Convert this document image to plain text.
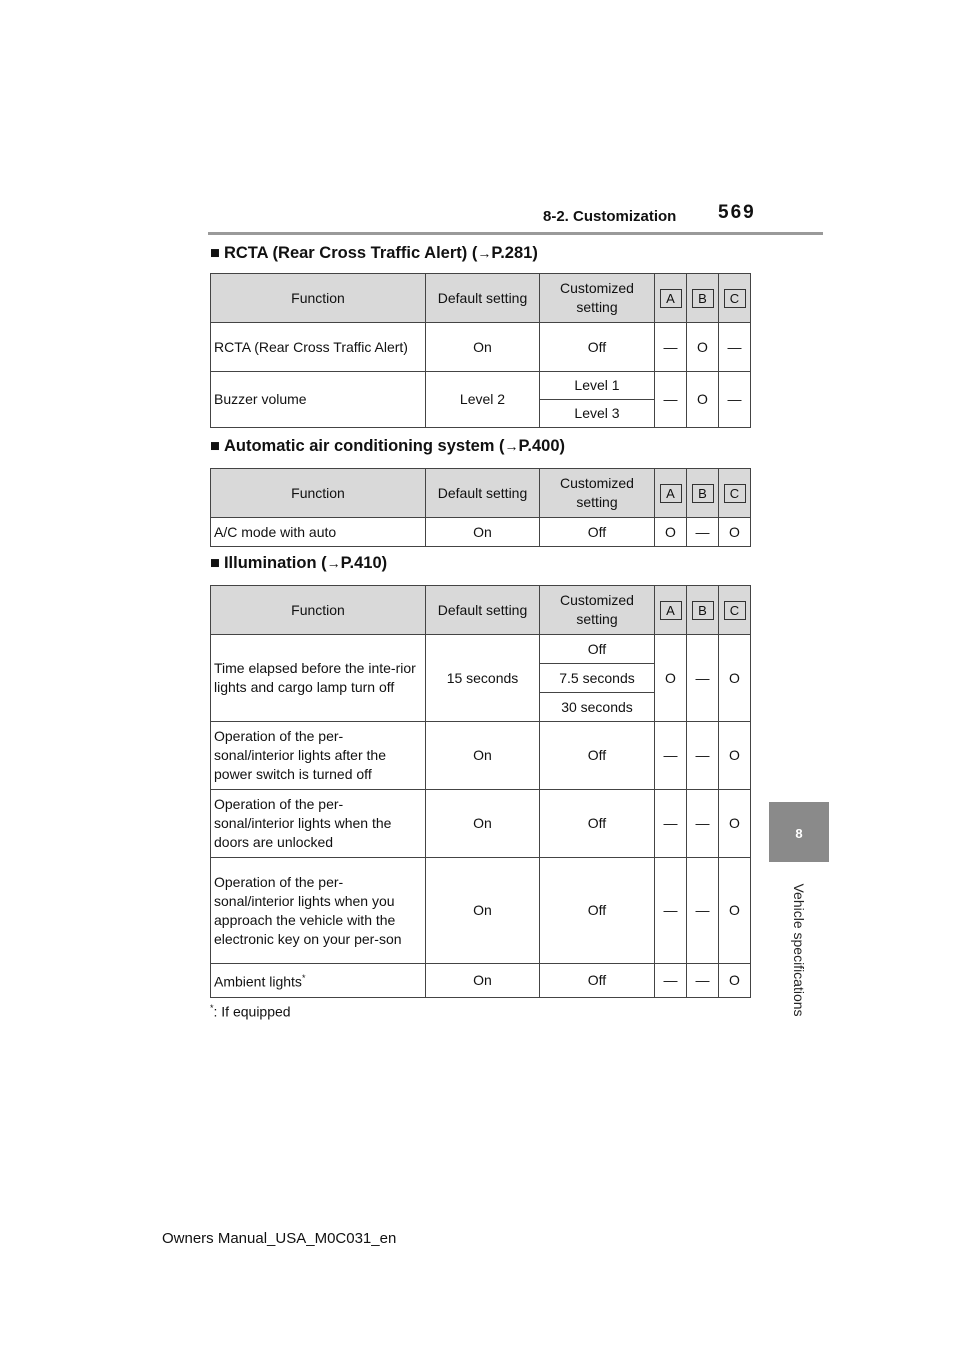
8-2. Customization 569
8
Vehicle specifications
■ RCTA (Rear Cross Traffic Alert) (→P.281)
Function	Default setting	Customized setting	A	B	C

RCTA (Rear Cross Traffic Alert)	On	Off	—	O	—
Buzzer volume	Level 2	Level 1	—	O	—
		Level 3			
■ Automatic air conditioning system (→P.400)
Function	Default setting	Customized setting	A	B	C

A/C mode with auto	On	Off	O	—	O
■ Illumination (→P.410)
Function	Default setting	Customized setting	A	B	C

Time elapsed before the inte-rior lights and cargo lamp turn off	15 seconds	Off	O	—	O
		7.5 seconds			
		30 seconds			
Operation of the per-sonal/interior lights after the power switch is turned off	On	Off	—	—	O
Operation of the per-sonal/interior lights when the doors are unlocked	On	Off	—	—	O
Operation of the per-sonal/interior lights when you approach the vehicle with the electronic key on your per-son	On	Off	—	—	O
Ambient lights*	On	Off	—	—	O
*: If equipped
Owners Manual_USA_M0C031_en
